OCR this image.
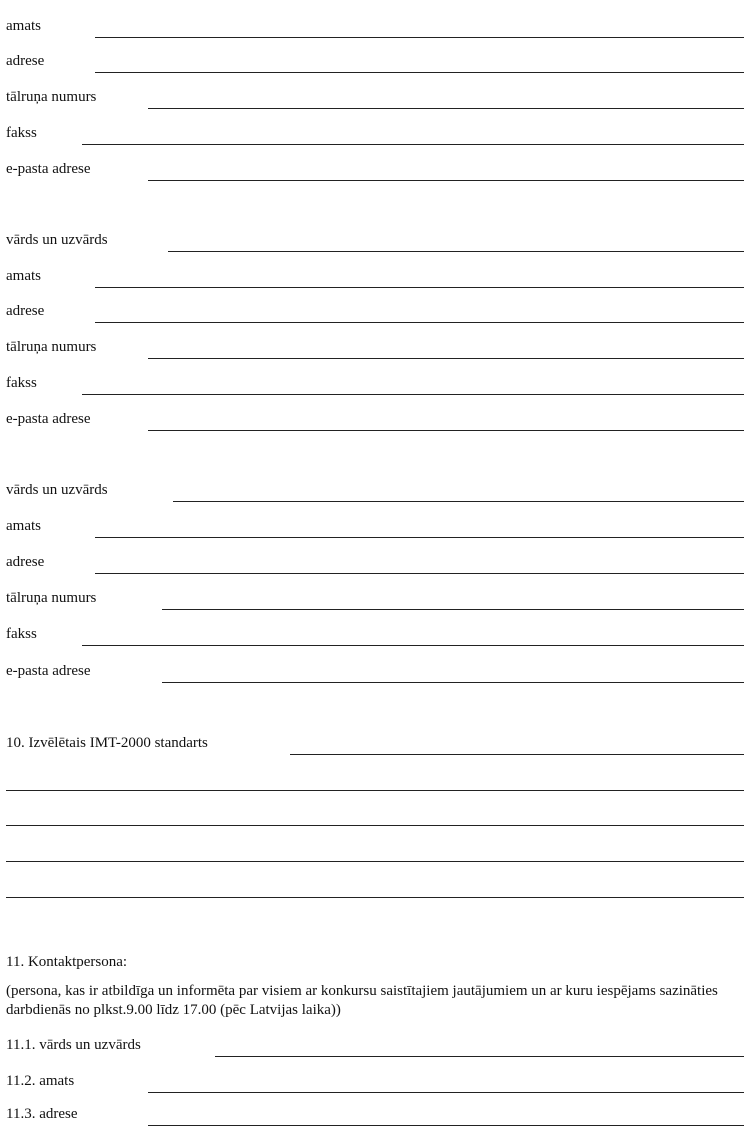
amats
adrese
tālruņa numurs
fakss
e-pasta adrese
vārds un uzvārds
amats
adrese
tālruņa numurs
fakss
e-pasta adrese
vārds un uzvārds
amats
adrese
tālruņa numurs
fakss
e-pasta adrese
10. Izvēlētais IMT-2000 standarts
11. Kontaktpersona:
(persona, kas ir atbildīga un informēta par visiem ar konkursu saistītajiem jautājumiem un ar kuru iespējams sazināties darbdienās no plkst.9.00 līdz 17.00 (pēc Latvijas laika))
11.1. vārds un uzvārds
11.2. amats
11.3. adrese
